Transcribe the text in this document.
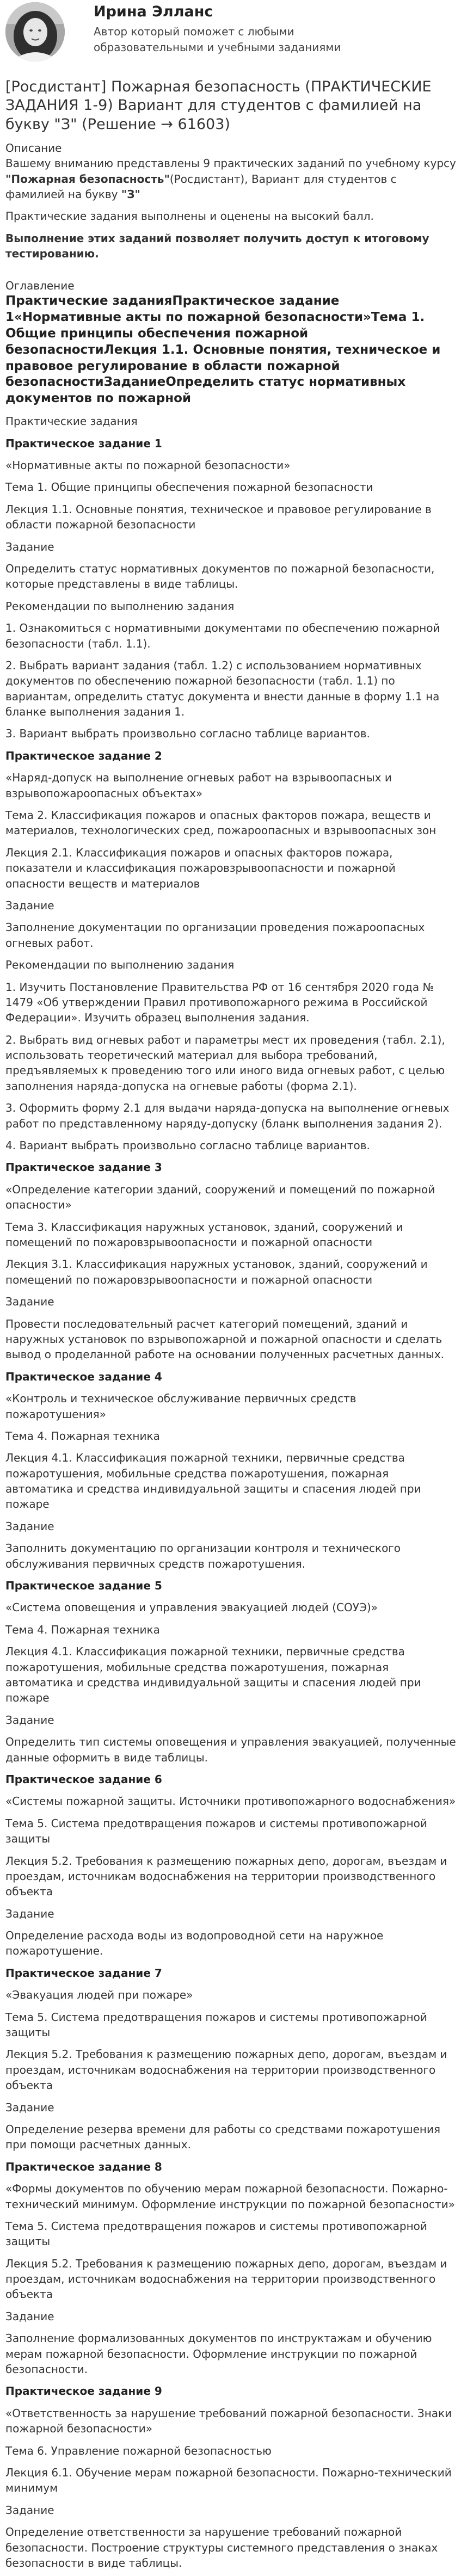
Ирина Элланс
Автор который поможет с любыми образовательными и учебными заданиями
[Росдистант] Пожарная безопасность (ПРАКТИЧЕСКИЕ ЗАДАНИЯ 1-9) Вариант для студентов с фамилией на букву "З" (Решение → 61603)
Описание
Вашему вниманию представлены 9 практических заданий по учебному курсу "Пожарная безопасность"(Росдистант), Вариант для студентов с фамилией на букву "З"
Практические задания выполнены и оценены на высокий балл.
Выполнение этих заданий позволяет получить доступ к итоговому тестированию.
Оглавление
Практические заданияПрактическое задание 1«Нормативные акты по пожарной безопасности»Тема 1. Общие принципы обеспечения пожарной безопасностиЛекция 1.1. Основные понятия, техническое и правовое регулирование в области пожарной безопасностиЗаданиеОпределить статус нормативных документов по пожарной
Практические задания
Практическое задание 1
«Нормативные акты по пожарной безопасности»
Тема 1. Общие принципы обеспечения пожарной безопасности
Лекция 1.1. Основные понятия, техническое и правовое регулирование в области пожарной безопасности
Задание
Определить статус нормативных документов по пожарной безопасности, которые представлены в виде таблицы.
Рекомендации по выполнению задания
1. Ознакомиться с нормативными документами по обеспечению пожарной безопасности (табл. 1.1).
2. Выбрать вариант задания (табл. 1.2) с использованием нормативных документов по обеспечению пожарной безопасности (табл. 1.1) по вариантам, определить статус документа и внести данные в форму 1.1 на бланке выполнения задания 1.
3. Вариант выбрать произвольно согласно таблице вариантов.
Практическое задание 2
«Наряд-допуск на выполнение огневых работ на взрывоопасных и взрывопожароопасных объектах»
Тема 2. Классификация пожаров и опасных факторов пожара, веществ и материалов, технологических сред, пожароопасных и взрывоопасных зон
Лекция 2.1. Классификация пожаров и опасных факторов пожара, показатели и классификация пожаровзрывоопасности и пожарной опасности веществ и материалов
Задание
Заполнение документации по организации проведения пожароопасных огневых работ.
Рекомендации по выполнению задания
1. Изучить Постановление Правительства РФ от 16 сентября 2020 года № 1479 «Об утверждении Правил противопожарного режима в Российской Федерации». Изучить образец выполнения задания.
2. Выбрать вид огневых работ и параметры мест их проведения (табл. 2.1), использовать теоретический материал для выбора требований, предъявляемых к проведению того или иного вида огневых работ, с целью заполнения наряда-допуска на огневые работы (форма 2.1).
3. Оформить форму 2.1 для выдачи наряда-допуска на выполнение огневых работ по представленному наряду-допуску (бланк выполнения задания 2).
4. Вариант выбрать произвольно согласно таблице вариантов.
Практическое задание 3
«Определение категории зданий, сооружений и помещений по пожарной опасности»
Тема 3. Классификация наружных установок, зданий, сооружений и помещений по пожаровзрывоопасности и пожарной опасности
Лекция 3.1. Классификация наружных установок, зданий, сооружений и помещений по пожаровзрывоопасности и пожарной опасности
Задание
Провести последовательный расчет категорий помещений, зданий и наружных установок по взрывопожарной и пожарной опасности и сделать вывод о проделанной работе на основании полученных расчетных данных.
Практическое задание 4
«Контроль и техническое обслуживание первичных средств пожаротушения»
Тема 4. Пожарная техника
Лекция 4.1. Классификация пожарной техники, первичные средства пожаротушения, мобильные средства пожаротушения, пожарная автоматика и средства индивидуальной защиты и спасения людей при пожаре
Задание
Заполнить документацию по организации контроля и технического обслуживания первичных средств пожаротушения.
Практическое задание 5
«Система оповещения и управления эвакуацией людей (СОУЭ)»
Тема 4. Пожарная техника
Лекция 4.1. Классификация пожарной техники, первичные средства пожаротушения, мобильные средства пожаротушения, пожарная автоматика и средства индивидуальной защиты и спасения людей при пожаре
Задание
Определить тип системы оповещения и управления эвакуацией, полученные данные оформить в виде таблицы.
Практическое задание 6
«Системы пожарной защиты. Источники противопожарного водоснабжения»
Тема 5. Система предотвращения пожаров и системы противопожарной защиты
Лекция 5.2. Требования к размещению пожарных депо, дорогам, въездам и проездам, источникам водоснабжения на территории производственного объекта
Задание
Определение расхода воды из водопроводной сети на наружное пожаротушение.
Практическое задание 7
«Эвакуация людей при пожаре»
Тема 5. Система предотвращения пожаров и системы противопожарной защиты
Лекция 5.2. Требования к размещению пожарных депо, дорогам, въездам и проездам, источникам водоснабжения на территории производственного объекта
Задание
Определение резерва времени для работы со средствами пожаротушения при помощи расчетных данных.
Практическое задание 8
«Формы документов по обучению мерам пожарной безопасности. Пожарно-технический минимум. Оформление инструкции по пожарной безопасности»
Тема 5. Система предотвращения пожаров и системы противопожарной защиты
Лекция 5.2. Требования к размещению пожарных депо, дорогам, въездам и проездам, источникам водоснабжения на территории производственного объекта
Задание
Заполнение формализованных документов по инструктажам и обучению мерам пожарной безопасности. Оформление инструкции по пожарной безопасности.
Практическое задание 9
«Ответственность за нарушение требований пожарной безопасности. Знаки пожарной безопасности»
Тема 6. Управление пожарной безопасностью
Лекция 6.1. Обучение мерам пожарной безопасности. Пожарно-технический минимум
Задание
Определение ответственности за нарушение требований пожарной безопасности. Построение структуры системного представления о знаках безопасности в виде таблицы.
